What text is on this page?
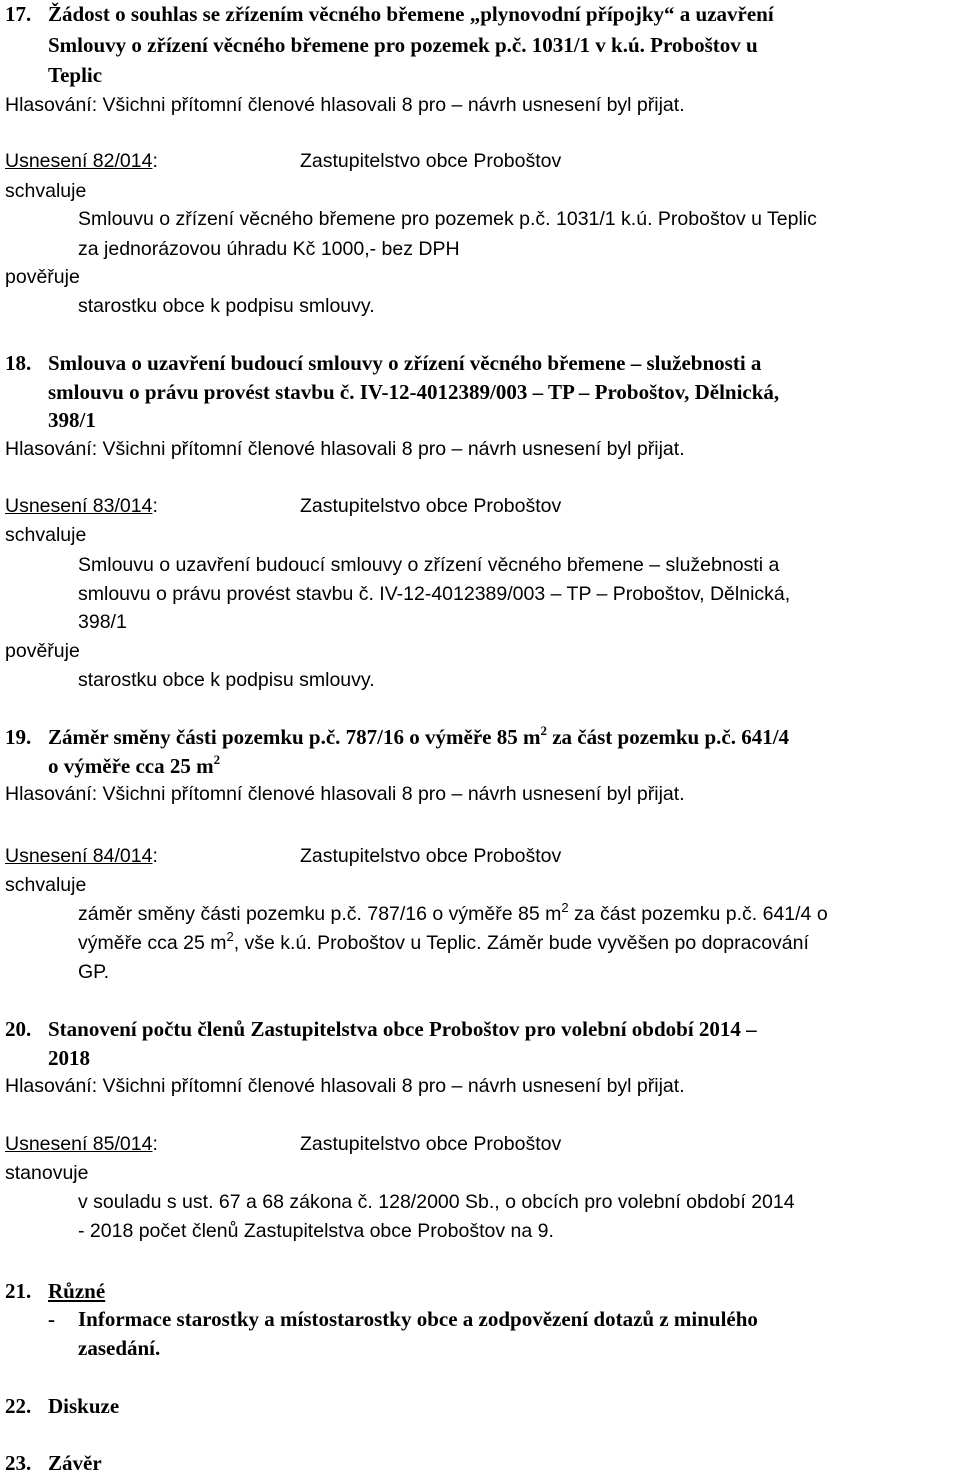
17. Žádost o souhlas se zřízením věcného břemene „plynovodní přípojky“ a uzavření
Smlouvy o zřízení věcného břemene pro pozemek p.č. 1031/1 v k.ú. Proboštov u
Teplic
Hlasování: Všichni přítomní členové hlasovali 8 pro – návrh usnesení byl přijat.
Usnesení 82/014:	Zastupitelstvo obce Proboštov
schvaluje
Smlouvu o zřízení věcného břemene pro pozemek p.č. 1031/1 k.ú. Proboštov u Teplic
za jednorázovou úhradu Kč 1000,- bez DPH
pověřuje
starostku obce k podpisu smlouvy.
18. Smlouva o uzavření budoucí smlouvy o zřízení věcného břemene – služebnosti a
smlouvu o právu provést stavbu č. IV-12-4012389/003 – TP – Proboštov, Dělnická,
398/1
Hlasování: Všichni přítomní členové hlasovali 8 pro – návrh usnesení byl přijat.
Usnesení 83/014:	Zastupitelstvo obce Proboštov
schvaluje
Smlouvu o uzavření budoucí smlouvy o zřízení věcného břemene – služebnosti a
smlouvu o právu provést stavbu č. IV-12-4012389/003 – TP – Proboštov, Dělnická,
398/1
pověřuje
starostku obce k podpisu smlouvy.
19. Záměr směny části pozemku p.č. 787/16 o výměře 85 $m^2$ za část pozemku p.č. 641/4
o výměře cca 25 $m^2$
Hlasování: Všichni přítomní členové hlasovali 8 pro – návrh usnesení byl přijat.
Usnesení 84/014:	Zastupitelstvo obce Proboštov
schvaluje
záměr směny části pozemku p.č. 787/16 o výměře 85 $m^2$ za část pozemku p.č. 641/4 o
výměře cca 25 $m^2$, vše k.ú. Proboštov u Teplic. Záměr bude vyvěšen po dopracování
GP.
20. Stanovení počtu členů Zastupitelstva obce Proboštov pro volební období 2014 –
2018
Hlasování: Všichni přítomní členové hlasovali 8 pro – návrh usnesení byl přijat.
Usnesení 85/014:	Zastupitelstvo obce Proboštov
stanovuje
v souladu s ust. 67 a 68 zákona č. 128/2000 Sb., o obcích pro volební období 2014
- 2018 počet členů Zastupitelstva obce Proboštov na 9.
21. Různé
- Informace starostky a místostarostky obce a zodpovězení dotazů z minulého
zasedání.
22. Diskuze
23. Závěr
